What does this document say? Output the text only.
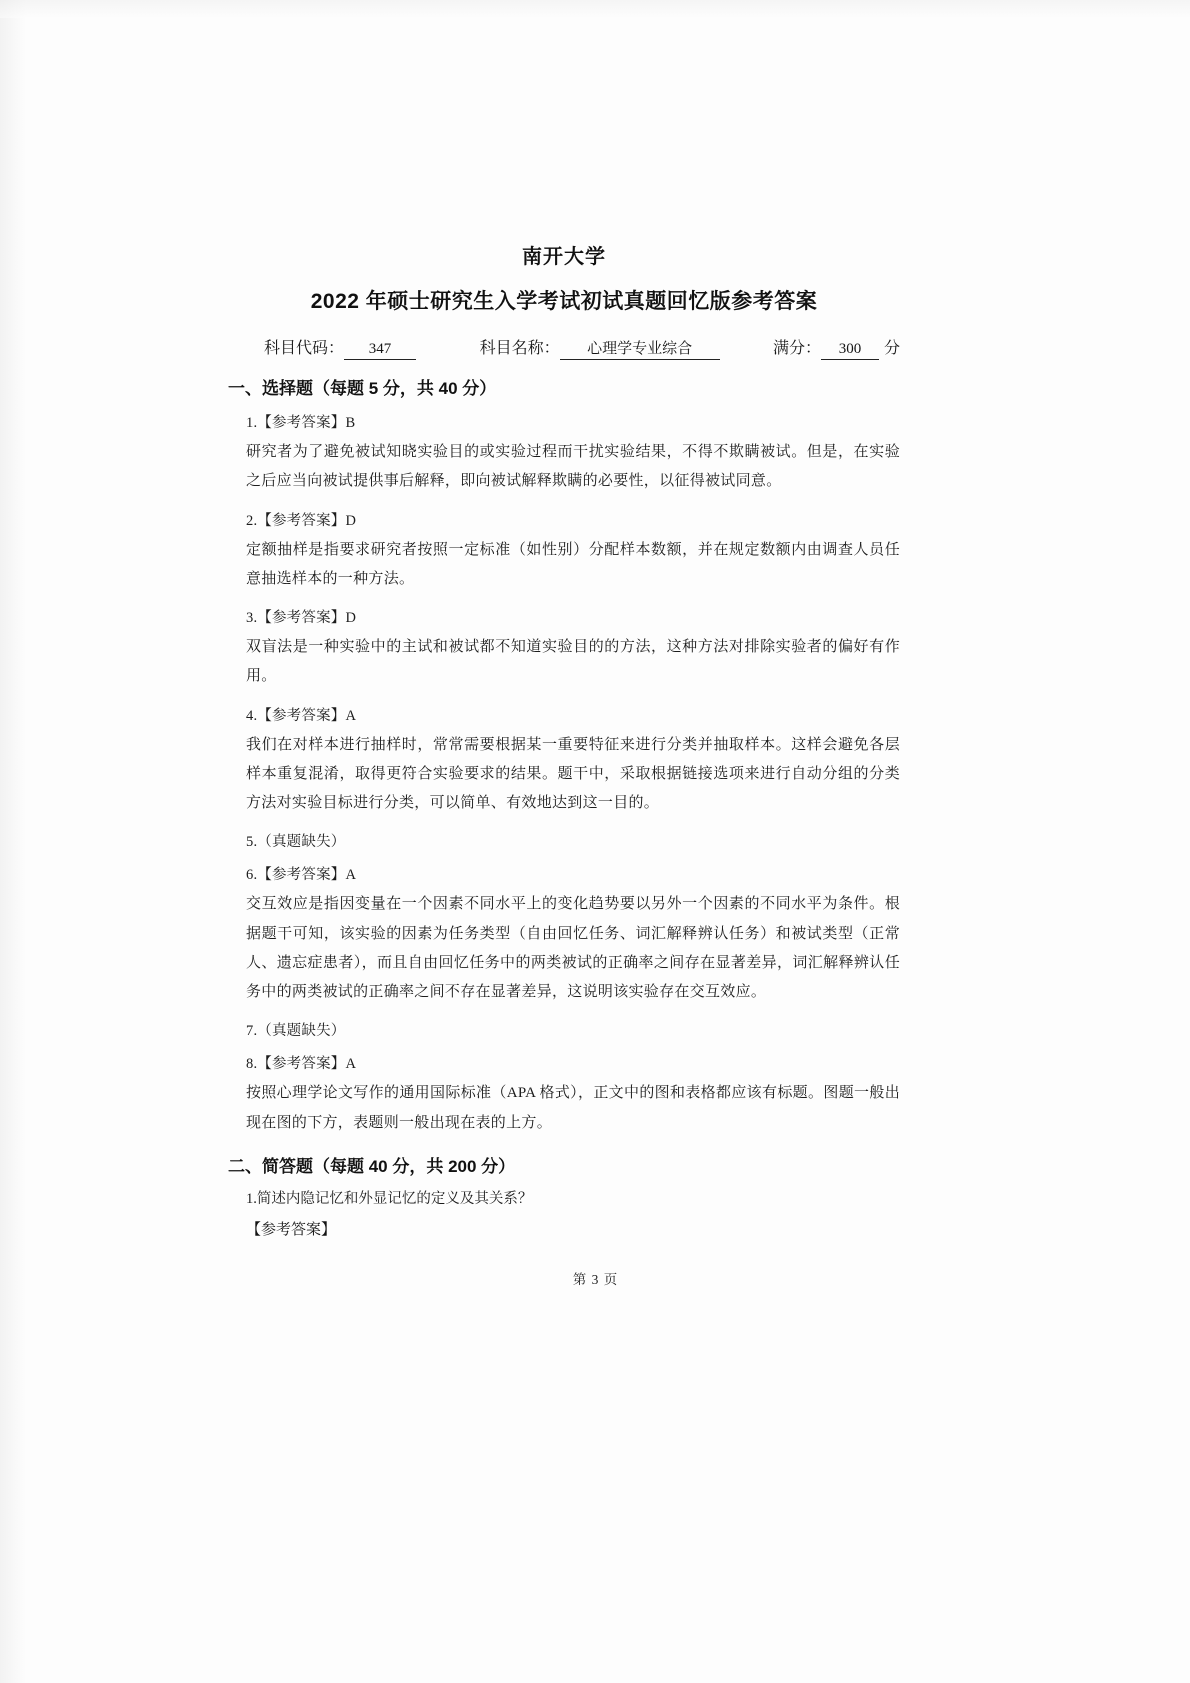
南开大学
2022 年硕士研究生入学考试初试真题回忆版参考答案
科目代码：	347	科目名称：	心理学专业综合	满分：	300	分
一、选择题（每题 5 分，共 40 分）
1.【参考答案】B
研究者为了避免被试知晓实验目的或实验过程而干扰实验结果，不得不欺瞒被试。但是，在实验之后应当向被试提供事后解释，即向被试解释欺瞒的必要性，以征得被试同意。
2.【参考答案】D
定额抽样是指要求研究者按照一定标准（如性别）分配样本数额，并在规定数额内由调查人员任意抽选样本的一种方法。
3.【参考答案】D
双盲法是一种实验中的主试和被试都不知道实验目的的方法，这种方法对排除实验者的偏好有作用。
4.【参考答案】A
我们在对样本进行抽样时，常常需要根据某一重要特征来进行分类并抽取样本。这样会避免各层样本重复混淆，取得更符合实验要求的结果。题干中，采取根据链接选项来进行自动分组的分类方法对实验目标进行分类，可以简单、有效地达到这一目的。
5.（真题缺失）
6.【参考答案】A
交互效应是指因变量在一个因素不同水平上的变化趋势要以另外一个因素的不同水平为条件。根据题干可知，该实验的因素为任务类型（自由回忆任务、词汇解释辨认任务）和被试类型（正常人、遗忘症患者），而且自由回忆任务中的两类被试的正确率之间存在显著差异，词汇解释辨认任务中的两类被试的正确率之间不存在显著差异，这说明该实验存在交互效应。
7.（真题缺失）
8.【参考答案】A
按照心理学论文写作的通用国际标准（APA 格式），正文中的图和表格都应该有标题。图题一般出现在图的下方，表题则一般出现在表的上方。
二、简答题（每题 40 分，共 200 分）
1.简述内隐记忆和外显记忆的定义及其关系？
【参考答案】
第 3 页
